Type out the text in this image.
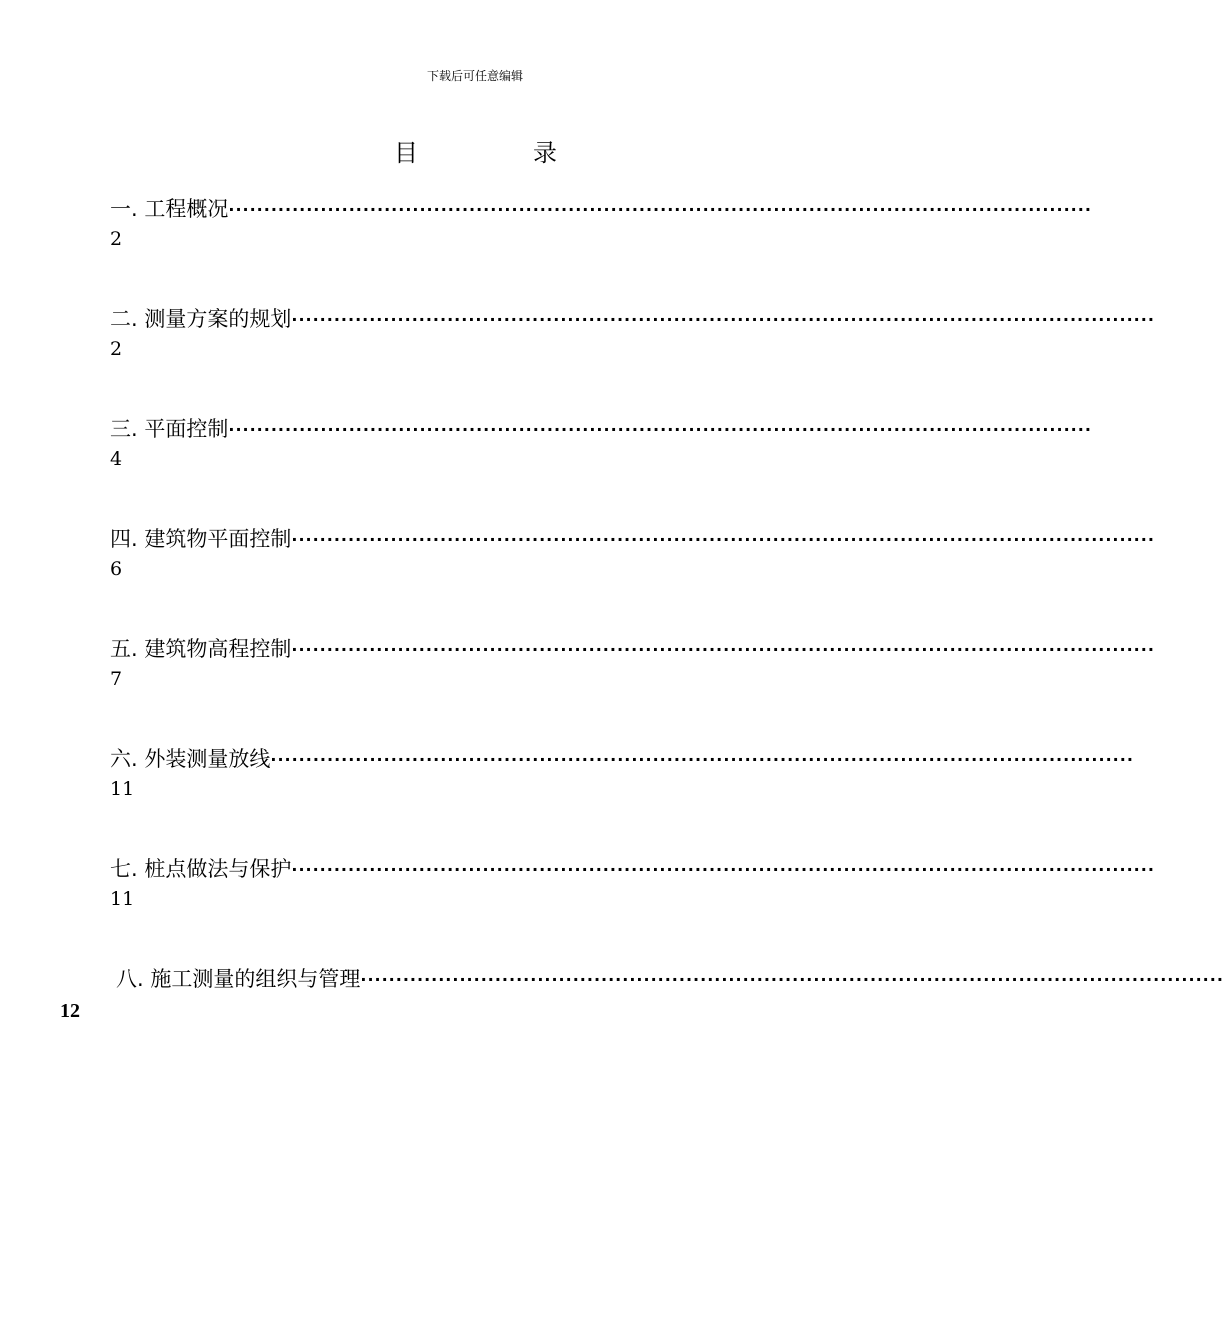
下载后可任意编辑
目	录
一. 工程概况 ··························································································································
2
二. 测量方案的规划 ··························································································································
2
三. 平面控制 ··························································································································
4
四. 建筑物平面控制 ··························································································································
6
五. 建筑物高程控制 ··························································································································
7
六. 外装测量放线 ··························································································································
11
七. 桩点做法与保护 ··························································································································
11
八. 施工测量的组织与管理 ··························································································································
12
